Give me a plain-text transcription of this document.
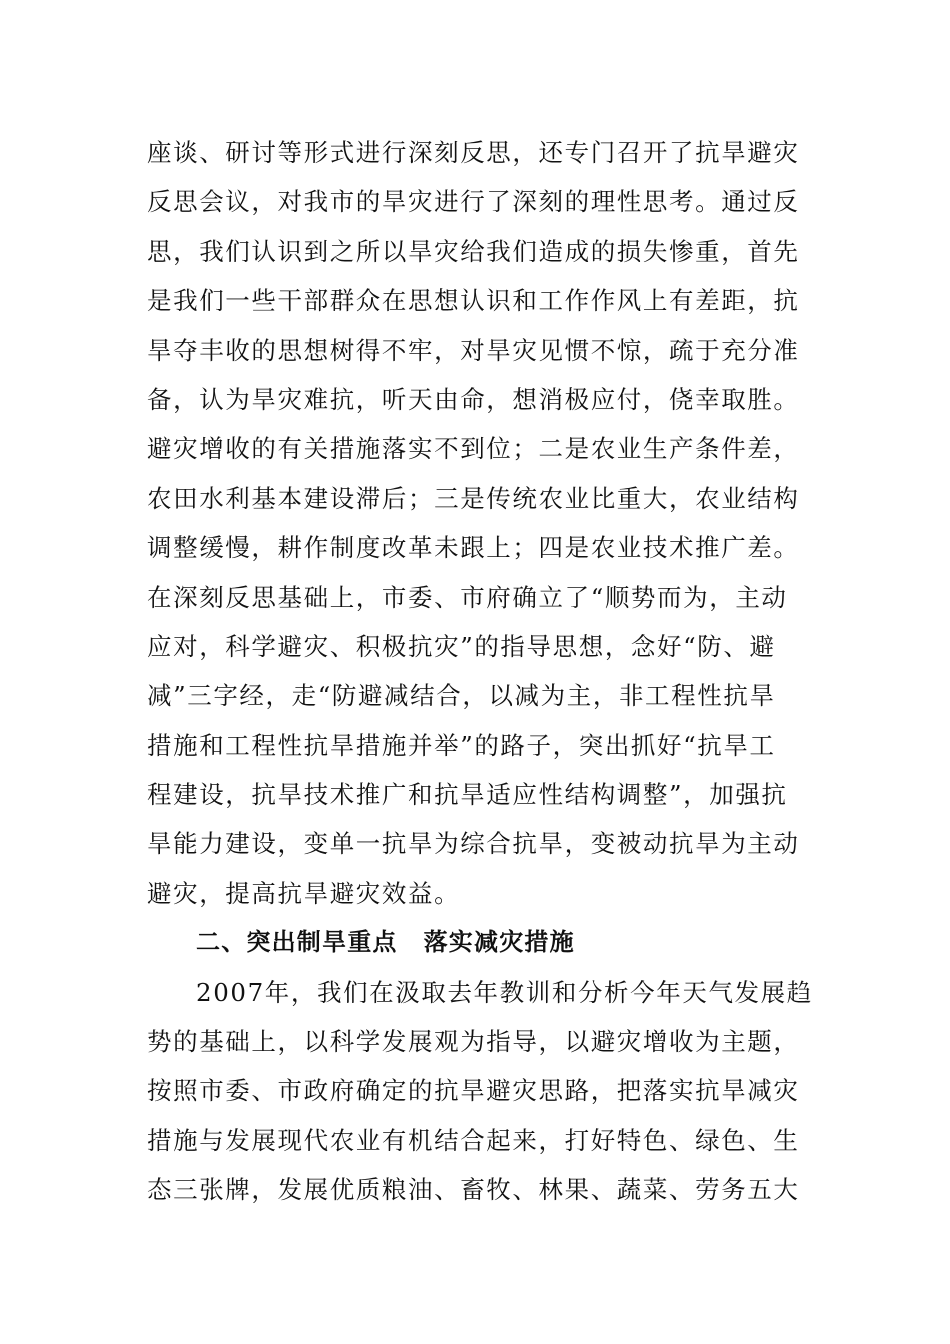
座谈、研讨等形式进行深刻反思，还专门召开了抗旱避灾
反思会议，对我市的旱灾进行了深刻的理性思考。通过反
思，我们认识到之所以旱灾给我们造成的损失惨重，首先
是我们一些干部群众在思想认识和工作作风上有差距，抗
旱夺丰收的思想树得不牢，对旱灾见惯不惊，疏于充分准
备，认为旱灾难抗，听天由命，想消极应付，侥幸取胜。
避灾增收的有关措施落实不到位；二是农业生产条件差，
农田水利基本建设滞后；三是传统农业比重大，农业结构
调整缓慢，耕作制度改革未跟上；四是农业技术推广差。
在深刻反思基础上，市委、市府确立了“顺势而为，主动
应对，科学避灾、积极抗灾”的指导思想，念好“防、避
减”三字经，走“防避减结合，以减为主，非工程性抗旱
措施和工程性抗旱措施并举”的路子，突出抓好“抗旱工
程建设，抗旱技术推广和抗旱适应性结构调整”，加强抗
旱能力建设，变单一抗旱为综合抗旱，变被动抗旱为主动
避灾，提高抗旱避灾效益。
二、突出制旱重点 落实减灾措施
2007年，我们在汲取去年教训和分析今年天气发展趋
势的基础上，以科学发展观为指导，以避灾增收为主题，
按照市委、市政府确定的抗旱避灾思路，把落实抗旱减灾
措施与发展现代农业有机结合起来，打好特色、绿色、生
态三张牌，发展优质粮油、畜牧、林果、蔬菜、劳务五大
